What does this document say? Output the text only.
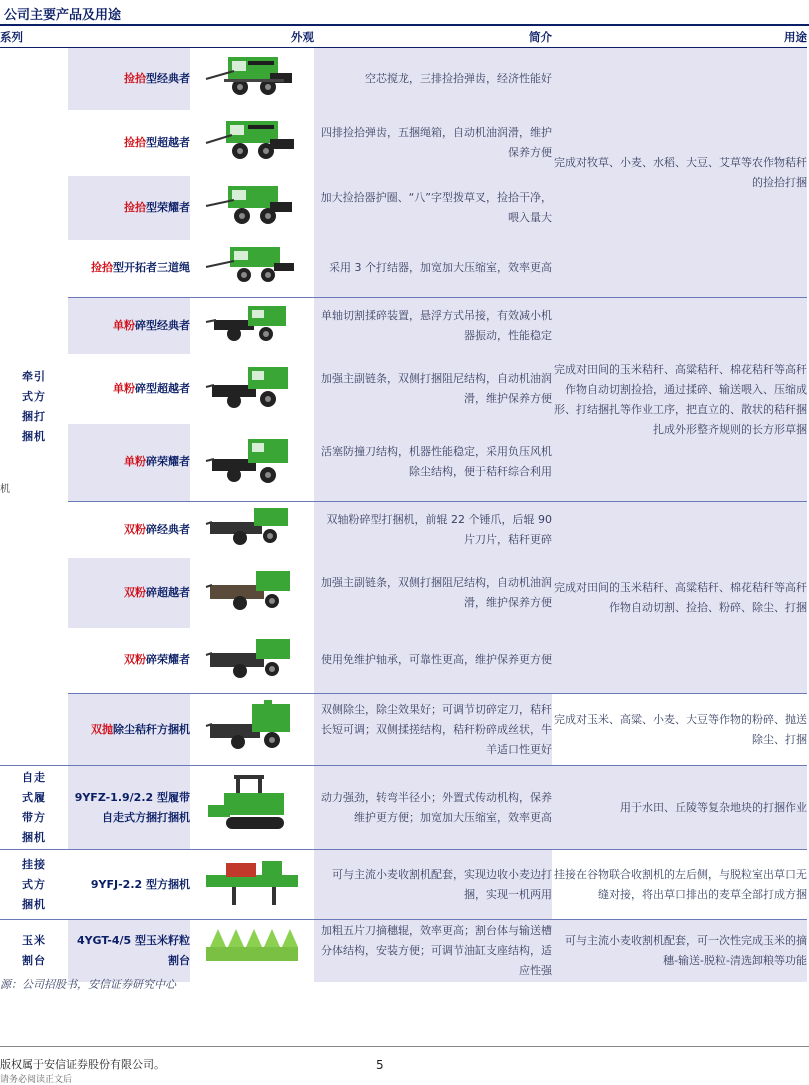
公司主要产品及用途
机
系列		外观	简介	用途

牵引
式方
捆打
捆机	捡拾型经典者		空芯搅龙，三排捡拾弹齿，经济性能好	完成对牧草、小麦、水稻、大豆、艾草等农作物秸秆的捡拾打捆
	捡拾型超越者		四排捡拾弹齿，五捆绳箱，自动机油润滑，维护保养方便	
	捡拾型荣耀者		加大捡拾器护圈、“八”字型拨草叉，捡拾干净，喂入量大	
	捡拾型开拓者三道绳		采用 3 个打结器，加宽加大压缩室，效率更高	
	单粉碎型经典者		单轴切割揉碎装置，悬浮方式吊接，有效减小机器振动，性能稳定	完成对田间的玉米秸秆、高粱秸秆、棉花秸秆等高秆作物自动切割捡拾，通过揉碎、输送喂入、压缩成形、打结捆扎等作业工序，把直立的、散状的秸秆捆扎成外形整齐规则的长方形草捆
	单粉碎型超越者		加强主副链条，双侧打捆阻尼结构，自动机油润滑，维护保养方便	
	单粉碎荣耀者		活塞防撞刀结构，机器性能稳定，采用负压风机除尘结构，便于秸秆综合利用	
	双粉碎经典者		双轴粉碎型打捆机，前辊 22 个锤爪，后辊 90 片刀片，秸秆更碎	完成对田间的玉米秸秆、高粱秸秆、棉花秸秆等高秆作物自动切割、捡拾、粉碎、除尘、打捆
	双粉碎超越者		加强主副链条，双侧打捆阻尼结构，自动机油润滑，维护保养方便	
	双粉碎荣耀者		使用免维护轴承，可靠性更高，维护保养更方便	
	双抛除尘秸秆方捆机		双侧除尘，除尘效果好；可调节切碎定刀，秸秆长短可调；双侧揉搓结构，秸秆粉碎成丝状，牛羊适口性更好	完成对玉米、高粱、小麦、大豆等作物的粉碎、抛送除尘、打捆

自走
式履
带方
捆机	9YFZ-1.9/2.2 型履带自走式方捆打捆机		动力强劲，转弯半径小；外置式传动机构，保养维护更方便；加宽加大压缩室，效率更高	用于水田、丘陵等复杂地块的打捆作业

挂接
式方
捆机	9YFJ-2.2 型方捆机		可与主流小麦收割机配套，实现边收小麦边打捆，实现一机两用	挂接在谷物联合收割机的左后侧，与脱粒室出草口无缝对接，将出草口排出的麦草全部打成方捆

玉米
割台	4YGT-4/5 型玉米籽粒割台		加粗五片刀摘穗辊，效率更高；割台体与输送槽分体结构，安装方便；可调节油缸支座结构，适应性强	可与主流小麦收割机配套，可一次性完成玉米的摘穗-输送-脱粒-清选卸粮等功能
源：公司招股书，安信证券研究中心
版权属于安信证券股份有限公司。	5
请务必阅读正文后
